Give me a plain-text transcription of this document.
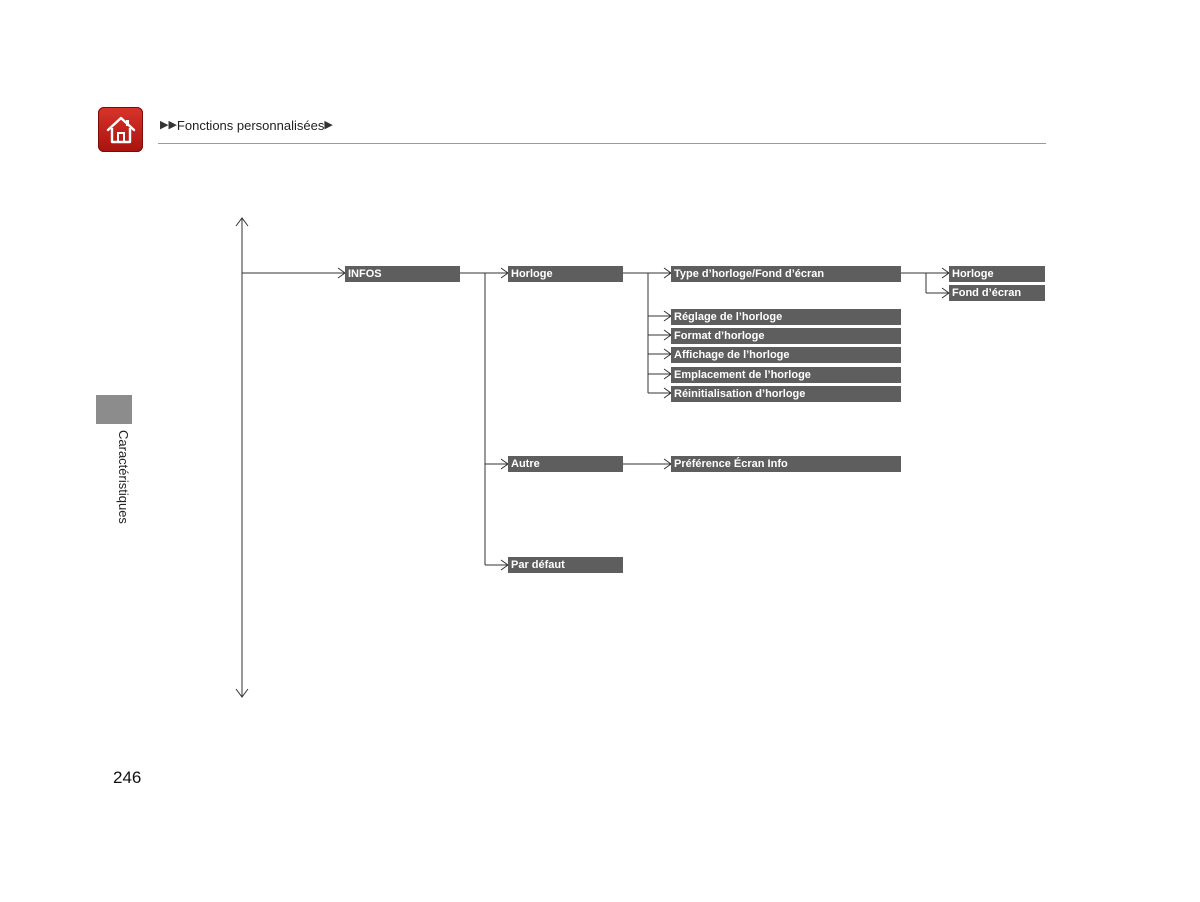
▶▶ Fonctions personnalisées ▶
Caractéristiques
INFOS	Horloge
Autre
Par défaut
Type d’horloge/Fond d’écran
Réglage de l’horloge
Format d’horloge
Affichage de l’horloge
Emplacement de l’horloge
Réinitialisation d’horloge
Préférence Écran Info
Horloge
Fond d’écran
246
